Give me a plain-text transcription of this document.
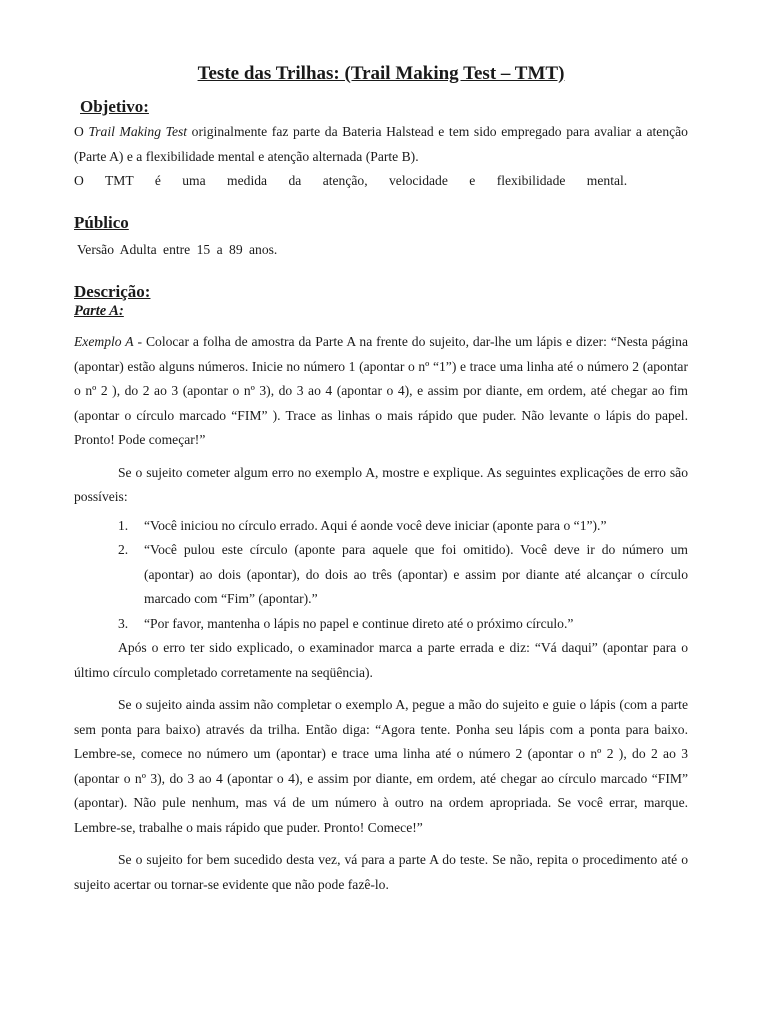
Teste das Trilhas: (Trail Making Test – TMT)
Objetivo:

O Trail Making Test originalmente faz parte da Bateria Halstead e tem sido empregado para avaliar a atenção (Parte A) e a flexibilidade mental e atenção alternada (Parte B).

O TMT é uma medida da atenção, velocidade e flexibilidade mental.

Público

Versão Adulta entre 15 a 89 anos.

Descrição:
Parte A:

Exemplo A - Colocar a folha de amostra da Parte A na frente do sujeito, dar-lhe um lápis e dizer: “Nesta página (apontar) estão alguns números. Inicie no número 1 (apontar o nº “1”) e trace uma linha até o número 2 (apontar o nº 2 ), do 2 ao 3 (apontar o nº 3), do 3 ao 4 (apontar o 4), e assim por diante, em ordem, até chegar ao fim (apontar o círculo marcado “FIM” ). Trace as linhas o mais rápido que puder. Não levante o lápis do papel. Pronto! Pode começar!”

Se o sujeito cometer algum erro no exemplo A, mostre e explique. As seguintes explicações de erro são possíveis:

1. “Você iniciou no círculo errado. Aqui é aonde você deve iniciar (aponte para o “1”).”
2. “Você pulou este círculo (aponte para aquele que foi omitido). Você deve ir do número um (apontar) ao dois (apontar), do dois ao três (apontar) e assim por diante até alcançar o círculo marcado com “Fim” (apontar).”
3. “Por favor, mantenha o lápis no papel e continue direto até o próximo círculo.”

Após o erro ter sido explicado, o examinador marca a parte errada e diz: “Vá daqui” (apontar para o último círculo completado corretamente na seqüência).

Se o sujeito ainda assim não completar o exemplo A, pegue a mão do sujeito e guie o lápis (com a parte sem ponta para baixo) através da trilha. Então diga: “Agora tente. Ponha seu lápis com a ponta para baixo. Lembre-se, comece no número um (apontar) e trace uma linha até o número 2 (apontar o nº 2 ), do 2 ao 3 (apontar o nº 3), do 3 ao 4 (apontar o 4), e assim por diante, em ordem, até chegar ao círculo marcado “FIM” (apontar). Não pule nenhum, mas vá de um número à outro na ordem apropriada. Se você errar, marque. Lembre-se, trabalhe o mais rápido que puder. Pronto! Comece!”

Se o sujeito for bem sucedido desta vez, vá para a parte A do teste. Se não, repita o procedimento até o sujeito acertar ou tornar-se evidente que não pode fazê-lo.
